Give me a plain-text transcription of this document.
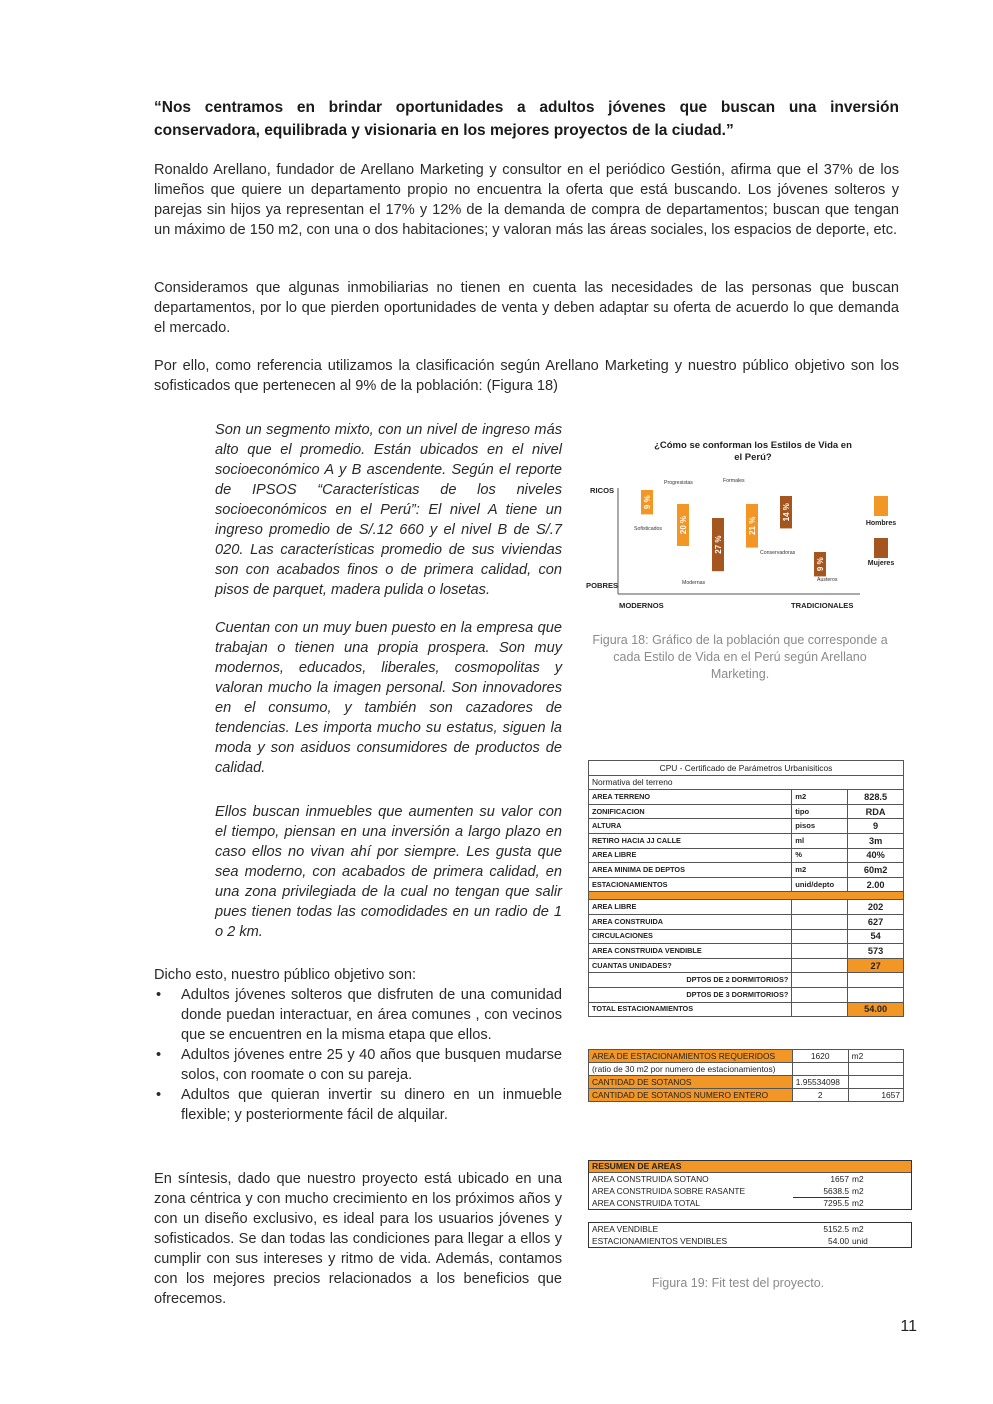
“Nos centramos en brindar oportunidades a adultos jóvenes que buscan una inversión conservadora, equilibrada y visionaria en los mejores proyectos de la ciudad.”
Ronaldo Arellano, fundador de Arellano Marketing y consultor en el periódico Gestión, afirma que el 37% de los limeños que quiere un departamento propio no encuentra la oferta que está buscando. Los jóvenes solteros y parejas sin hijos ya representan el 17% y 12% de la demanda de compra de departamentos; buscan que tengan un máximo de 150 m2, con una o dos habitaciones; y valoran más las áreas sociales, los espacios de deporte, etc.
Consideramos que algunas inmobiliarias no tienen en cuenta las necesidades de las personas que buscan departamentos, por lo que pierden oportunidades de venta y deben adaptar su oferta de acuerdo lo que demanda el mercado.
Por ello, como referencia utilizamos la clasificación según Arellano Marketing y nuestro público objetivo son los sofisticados que pertenecen al 9% de la población: (Figura 18)
Son un segmento mixto, con un nivel de ingreso más alto que el promedio. Están ubicados en el nivel socioeconómico A y B ascendente. Según el reporte de IPSOS “Características de los niveles socioeconómicos en el Perú”: El nivel A tiene un ingreso promedio de S/.12 660 y el nivel B de S/.7 020. Las características promedio de sus viviendas son con acabados finos o de primera calidad, con pisos de parquet, madera pulida o losetas.
Cuentan con un muy buen puesto en la empresa que trabajan o tienen una propia prospera. Son muy modernos, educados, liberales, cosmopolitas y valoran mucho la imagen personal. Son innovadores en el consumo, y también son cazadores de tendencias. Les importa mucho su estatus, siguen la moda y son asiduos consumidores de productos de calidad.
Ellos buscan inmuebles que aumenten su valor con el tiempo, piensan en una inversión a largo plazo en caso ellos no vivan ahí por siempre. Les gusta que sea moderno, con acabados de primera calidad, en una zona privilegiada de la cual no tengan que salir pues tienen todas las comodidades en un radio de 1 o 2 km.
Dicho esto, nuestro público objetivo son:
• Adultos jóvenes solteros que disfruten de una comunidad donde puedan interactuar, en área comunes , con vecinos que se encuentren en la misma etapa que ellos.
• Adultos jóvenes entre 25 y 40 años que busquen mudarse solos, con roomate o con su pareja.
• Adultos que quieran invertir su dinero en un inmueble flexible; y posteriormente fácil de alquilar.
En síntesis, dado que nuestro proyecto está ubicado en una zona céntrica y con mucho crecimiento en los próximos años y con un diseño exclusivo, es ideal para los usuarios jóvenes y sofisticados. Se dan todas las condiciones para llegar a ellos y cumplir con sus intereses y ritmo de vida. Además, contamos con los mejores precios relacionados a los beneficios que ofrecemos.
¿Cómo se conforman los Estilos de Vida en
el Perú?
RICOS
POBRES
MODERNOS	TRADICIONALES
9 %
Sofisticados 20 %
Progresistas
27 %
Modernas
21 %
Formales
14 %
Conservadoras
9 %
Austeros
Hombres
Mujeres
Figura 18: Gráfico de la población que corresponde a cada Estilo de Vida en el Perú según Arellano Marketing.
CPU - Certificado de Parámetros Urbanisiticos		
Normativa del terreno		
AREA TERRENO	m2	828.5
ZONIFICACION	tipo	RDA
ALTURA	pisos	9
RETIRO HACIA JJ CALLE	ml	3m
AREA LIBRE	%	40%
AREA MINIMA DE DEPTOS	m2	60m2
ESTACIONAMIENTOS	unid/depto	2.00

AREA LIBRE		202
AREA CONSTRUIDA		627
CIRCULACIONES		54
AREA CONSTRUIDA VENDIBLE		573
CUANTAS UNIDADES?		27
DPTOS DE 2 DORMITORIOS?		
DPTOS DE 3 DORMITORIOS?		
TOTAL ESTACIONAMIENTOS		54.00
AREA DE ESTACIONAMIENTOS REQUERIDOS	1620	m2
(ratio de 30 m2 por numero de estacionamientos)		
CANTIDAD DE SOTANOS	1.95534098	
CANTIDAD DE SOTANOS NUMERO ENTERO	2	1657
RESUMEN DE AREAS
AREA CONSTRUIDA SOTANO	1657 m2
AREA CONSTRUIDA SOBRE RASANTE	5638.5 m2
AREA CONSTRUIDA TOTAL	7295.5 m2
AREA VENDIBLE	5152.5 m2
ESTACIONAMIENTOS VENDIBLES	54.00 unid
Figura 19: Fit test del proyecto.
11
